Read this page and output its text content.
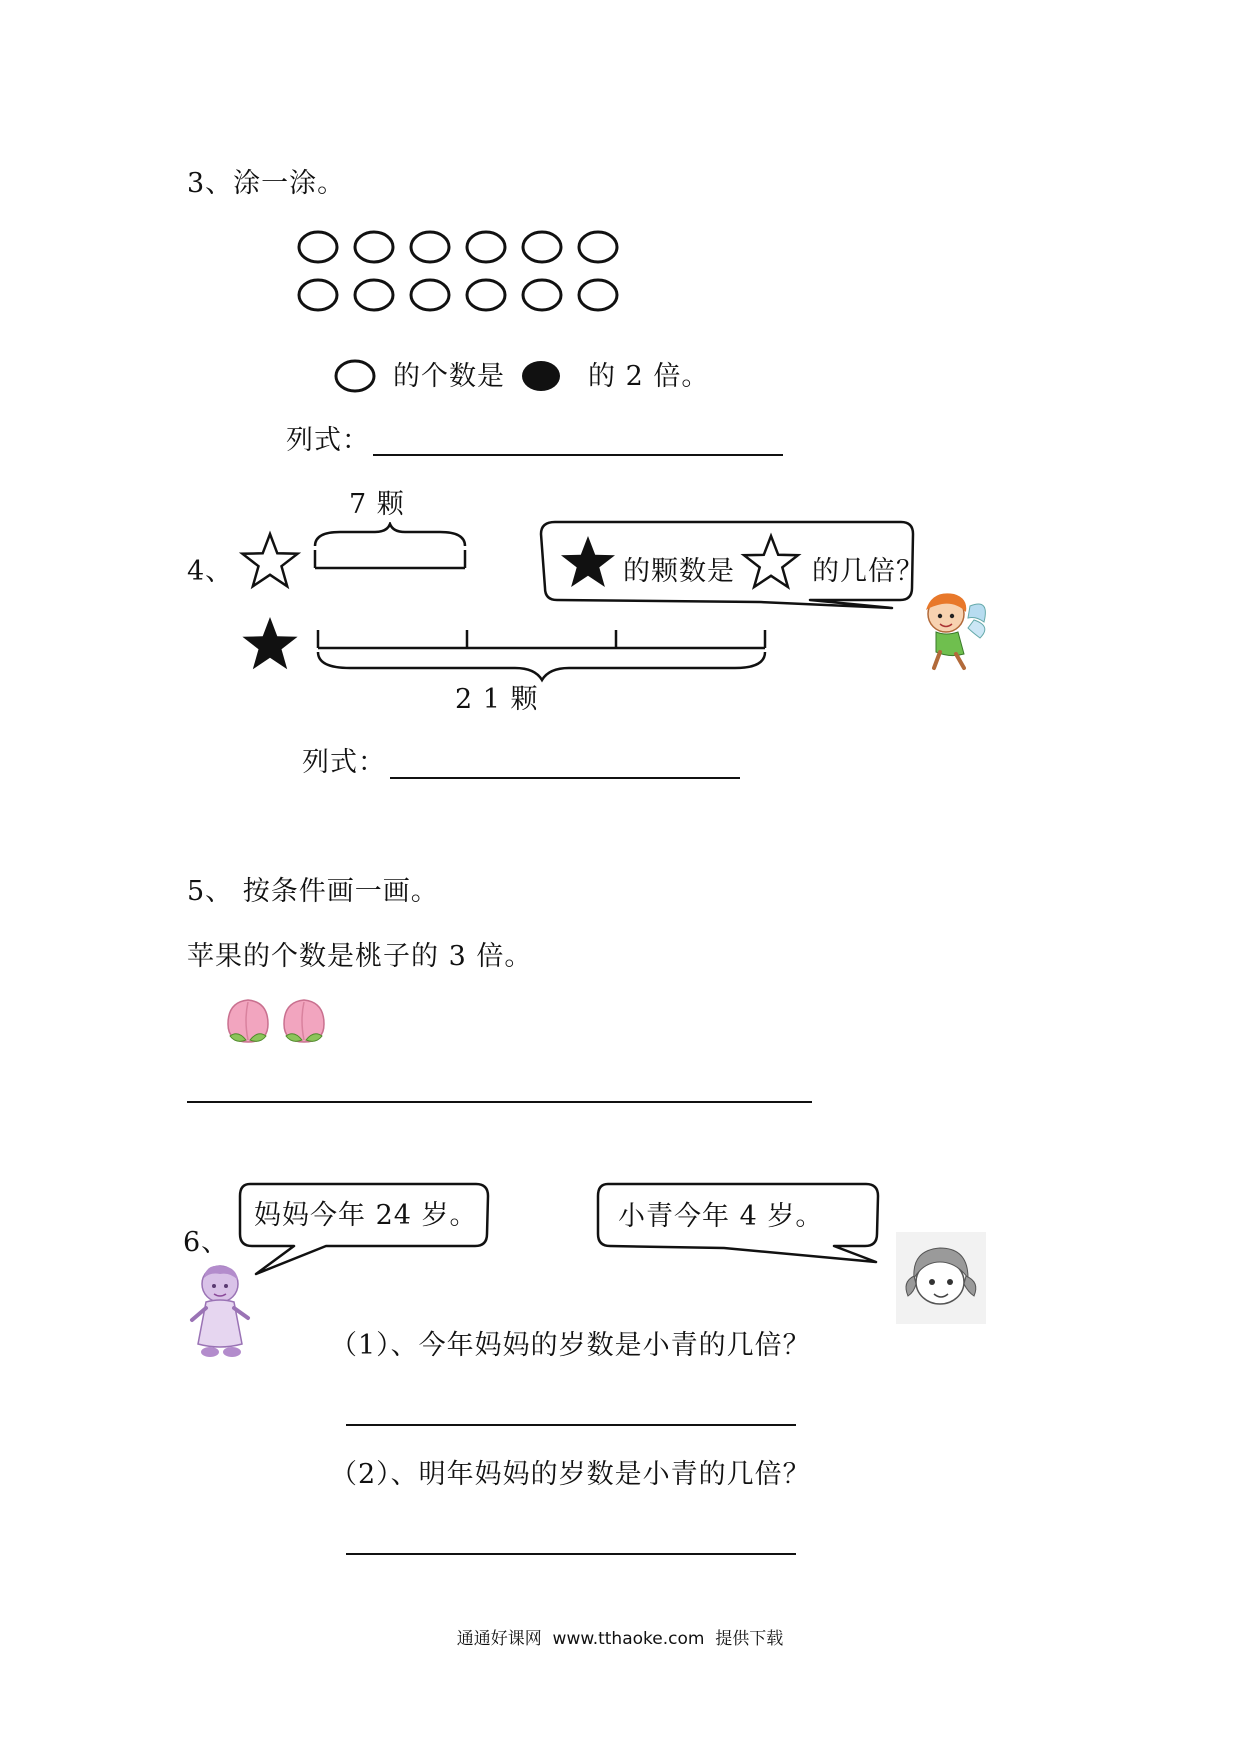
3、涂一涂。
的个数是	的 2 倍。
列式：
7 颗
4、
2 1 颗
的颗数是	的几倍？
列式：
5、 按条件画一画。
苹果的个数是桃子的 3 倍。
妈妈今年 24 岁。	小青今年 4 岁。
6、
（1）、今年妈妈的岁数是小青的几倍？
（2）、明年妈妈的岁数是小青的几倍？
通通好课网  www.tthaoke.com  提供下载
